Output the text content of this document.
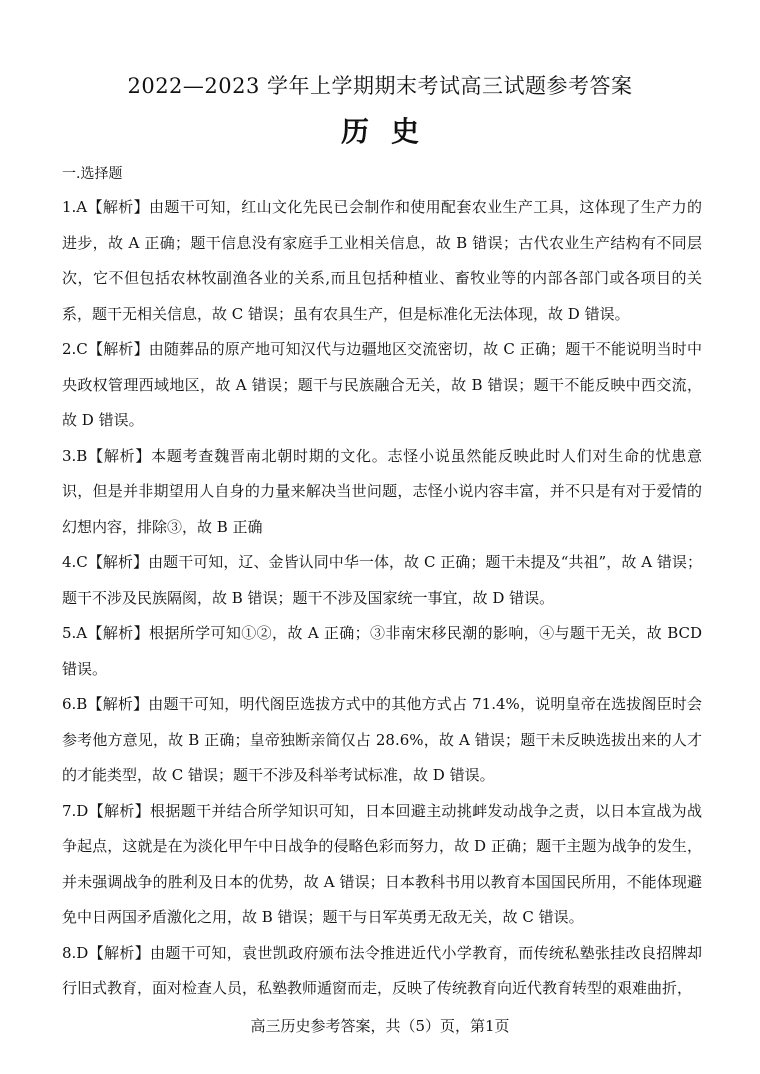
2022—2023 学年上学期期末考试高三试题参考答案
历史
一.选择题

1.A【解析】由题干可知，红山文化先民已会制作和使用配套农业生产工具，这体现了生产力的进步，故 A 正确；题干信息没有家庭手工业相关信息，故 B 错误；古代农业生产结构有不同层次，它不但包括农林牧副渔各业的关系,而且包括种植业、畜牧业等的内部各部门或各项目的关系，题干无相关信息，故 C 错误；虽有农具生产，但是标准化无法体现，故 D 错误。

2.C【解析】由随葬品的原产地可知汉代与边疆地区交流密切，故 C 正确；题干不能说明当时中央政权管理西域地区，故 A 错误；题干与民族融合无关，故 B 错误；题干不能反映中西交流，故 D 错误。

3.B【解析】本题考查魏晋南北朝时期的文化。志怪小说虽然能反映此时人们对生命的忧患意识，但是并非期望用人自身的力量来解决当世问题，志怪小说内容丰富，并不只是有对于爱情的幻想内容，排除③，故 B 正确

4.C【解析】由题干可知，辽、金皆认同中华一体，故 C 正确；题干未提及“共祖”，故 A 错误；题干不涉及民族隔阂，故 B 错误；题干不涉及国家统一事宜，故 D 错误。

5.A【解析】根据所学可知①②，故 A 正确；③非南宋移民潮的影响，④与题干无关，故 BCD 错误。

6.B【解析】由题干可知，明代阁臣选拔方式中的其他方式占 71.4%，说明皇帝在选拔阁臣时会参考他方意见，故 B 正确；皇帝独断亲简仅占 28.6%，故 A 错误；题干未反映选拔出来的人才的才能类型，故 C 错误；题干不涉及科举考试标准，故 D 错误。

7.D【解析】根据题干并结合所学知识可知，日本回避主动挑衅发动战争之责，以日本宣战为战争起点，这就是在为淡化甲午中日战争的侵略色彩而努力，故 D 正确；题干主题为战争的发生，并未强调战争的胜利及日本的优势，故 A 错误；日本教科书用以教育本国国民所用，不能体现避免中日两国矛盾激化之用，故 B 错误；题干与日军英勇无敌无关，故 C 错误。

8.D【解析】由题干可知，袁世凯政府颁布法令推进近代小学教育，而传统私塾张挂改良招牌却行旧式教育，面对检查人员，私塾教师遁窗而走，反映了传统教育向近代教育转型的艰难曲折，

高三历史参考答案，共（5）页，第1页
